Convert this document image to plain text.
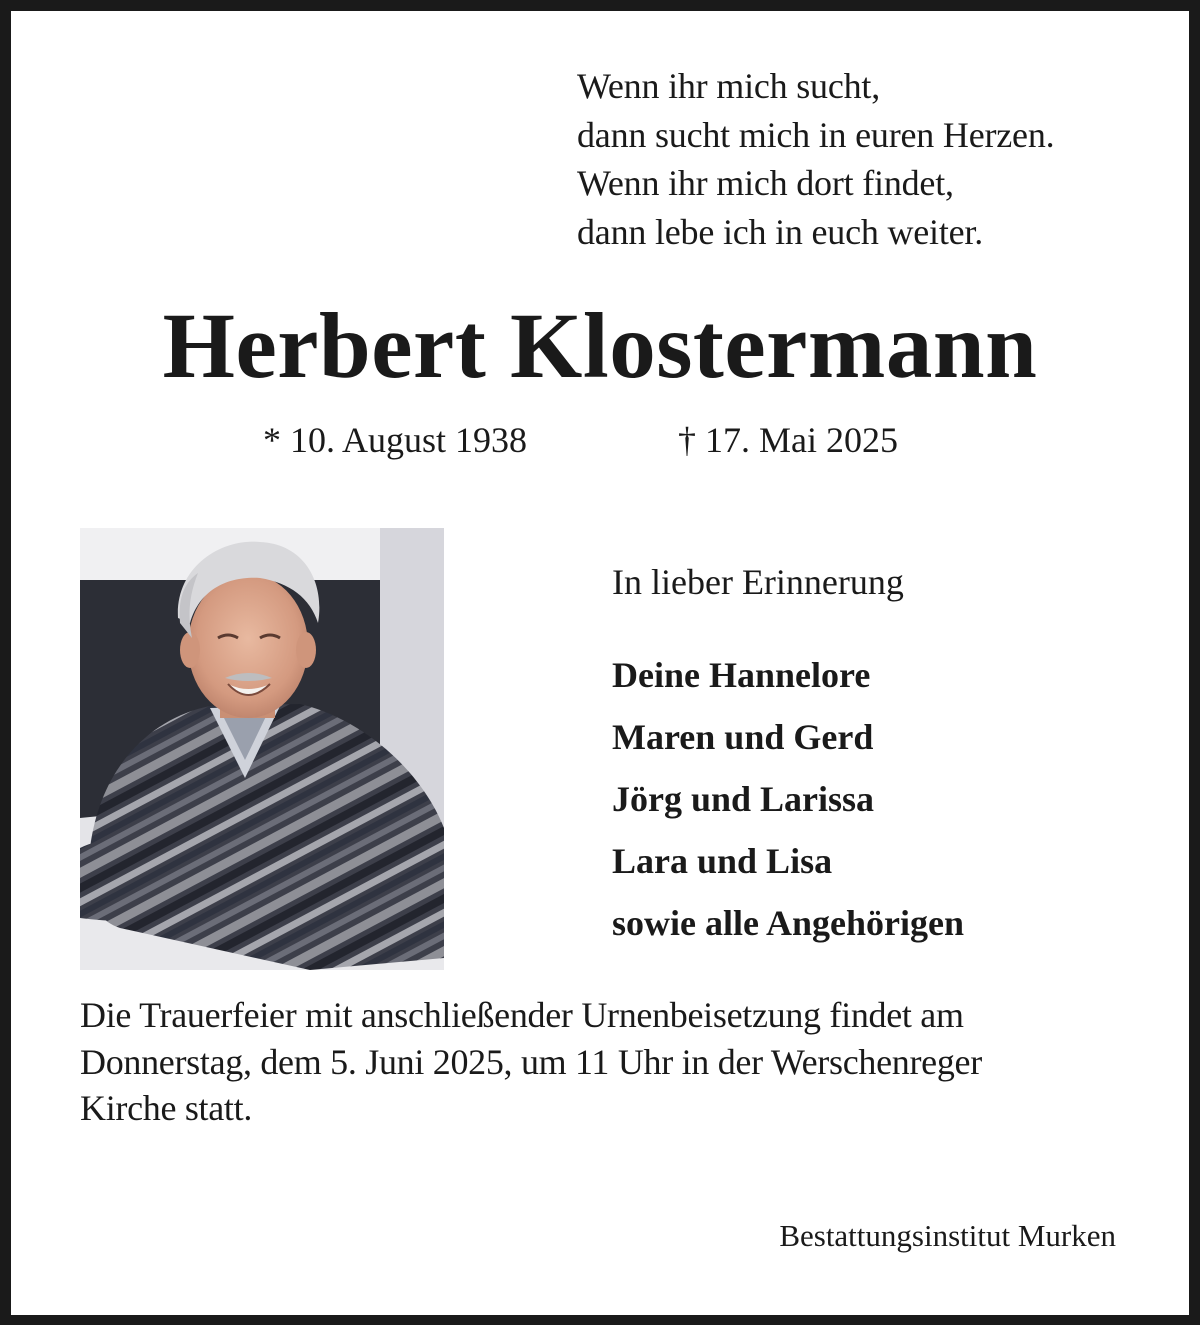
Wenn ihr mich sucht,
dann sucht mich in euren Herzen.
Wenn ihr mich dort findet,
dann lebe ich in euch weiter.
Herbert Klostermann
* 10. August 1938	† 17. Mai 2025
In lieber Erinnerung
Deine Hannelore
Maren und Gerd
Jörg und Larissa
Lara und Lisa
sowie alle Angehörigen
Die Trauerfeier mit anschließender Urnenbeisetzung findet am
Donnerstag, dem 5. Juni 2025, um 11 Uhr in der Werschenreger
Kirche statt.
Bestattungsinstitut Murken
